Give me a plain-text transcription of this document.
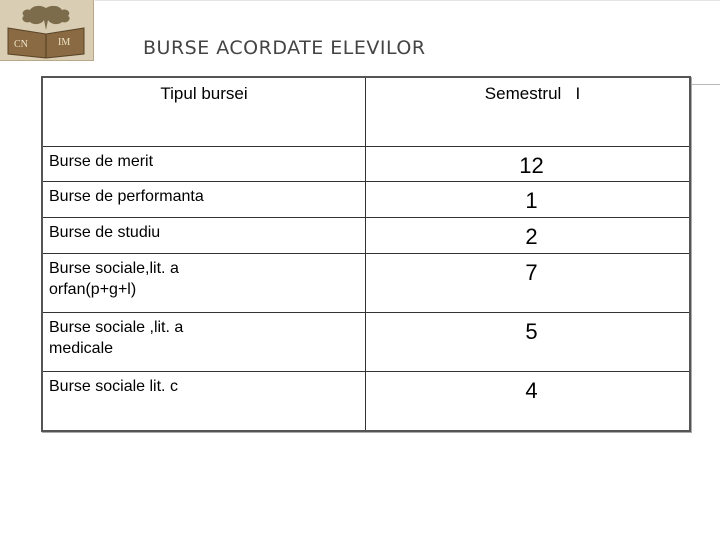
CN	IM	BURSE ACORDATE ELEVILOR
Tipul bursei	Semestrul   I
Burse de merit	12
Burse de performanta	1
Burse de studiu	2
Burse sociale,lit. a
orfan(p+g+l)	7
Burse sociale ,lit. a
medicale	5
Burse sociale lit. c	4
